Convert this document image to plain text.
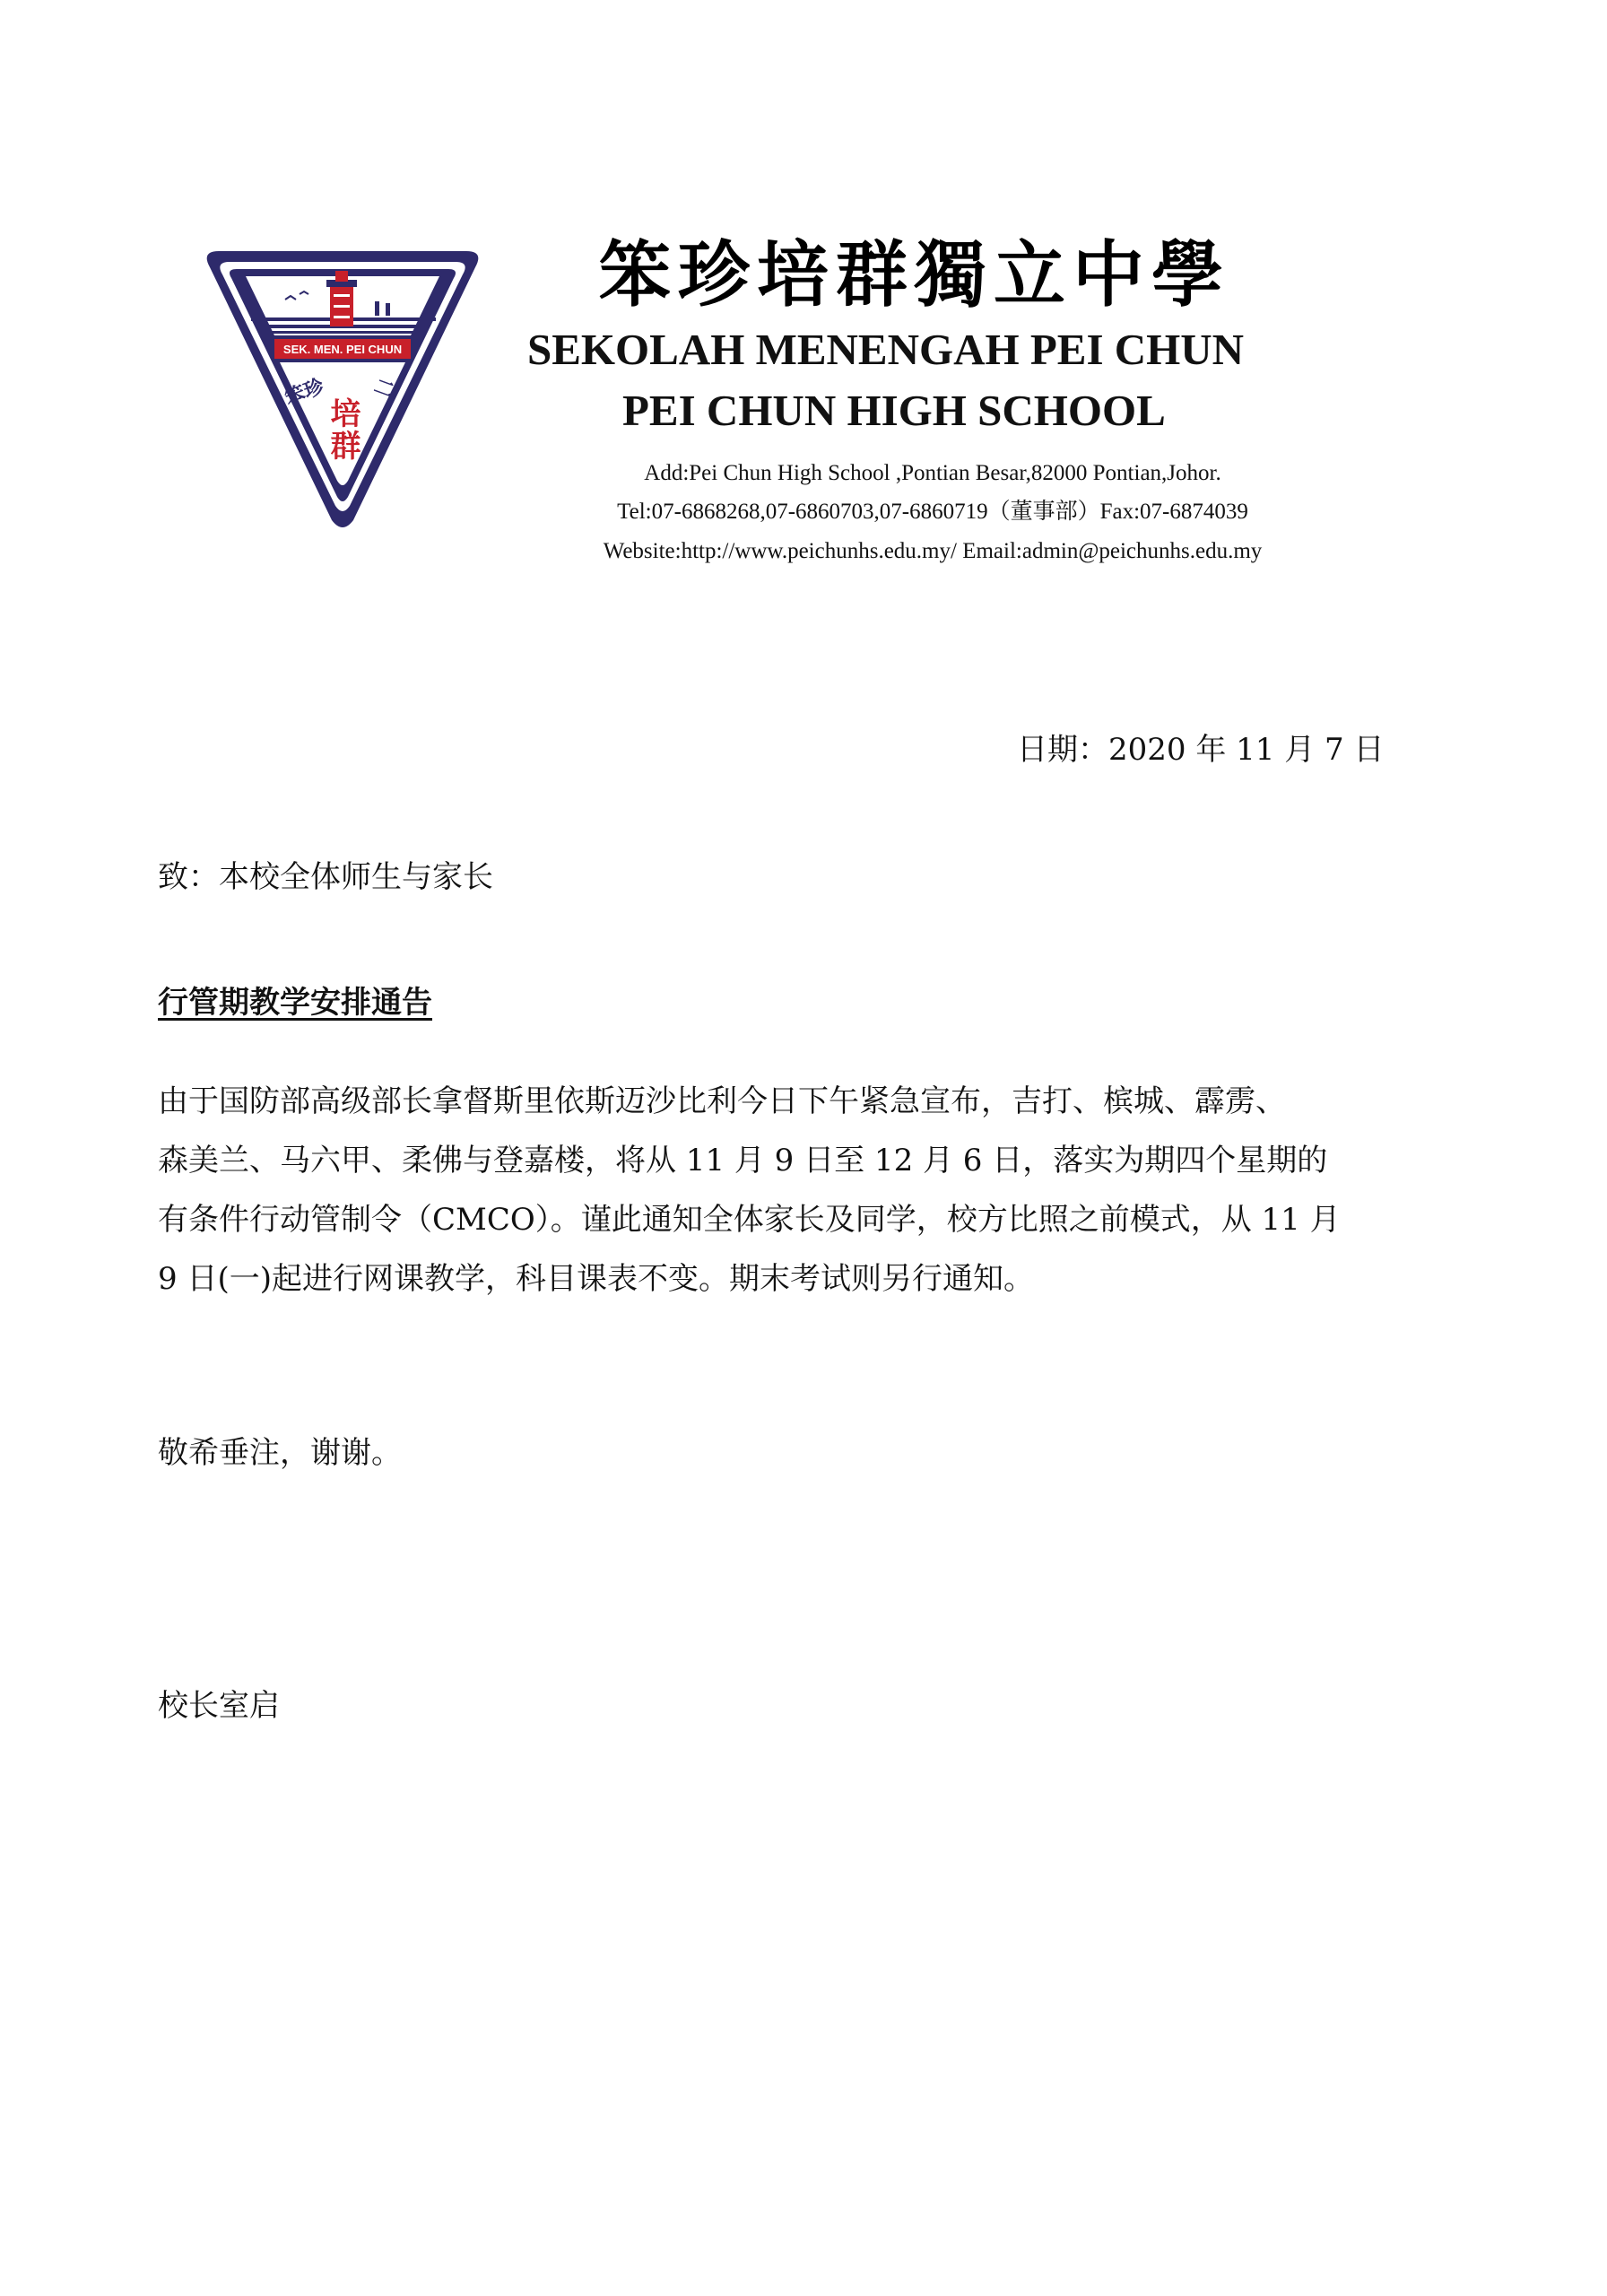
SEK. MEN. PEI CHUN
笨珍 二
培群
笨珍培群獨立中學
SEKOLAH MENENGAH PEI CHUN
PEI CHUN HIGH SCHOOL
Add:Pei Chun High School ,Pontian Besar,82000 Pontian,Johor.
Tel:07-6868268,07-6860703,07-6860719（董事部）Fax:07-6874039
Website:http://www.peichunhs.edu.my/ Email:admin@peichunhs.edu.my
日期：2020 年 11 月 7 日
致：本校全体师生与家长
行管期教学安排通告
由于国防部高级部长拿督斯里依斯迈沙比利今日下午紧急宣布，吉打、槟城、霹雳、
森美兰、马六甲、柔佛与登嘉楼，将从 11 月 9 日至 12 月 6 日，落实为期四个星期的
有条件行动管制令（CMCO）。谨此通知全体家长及同学，校方比照之前模式，从 11 月
9 日(一)起进行网课教学，科目课表不变。期末考试则另行通知。
敬希垂注，谢谢。
校长室启
